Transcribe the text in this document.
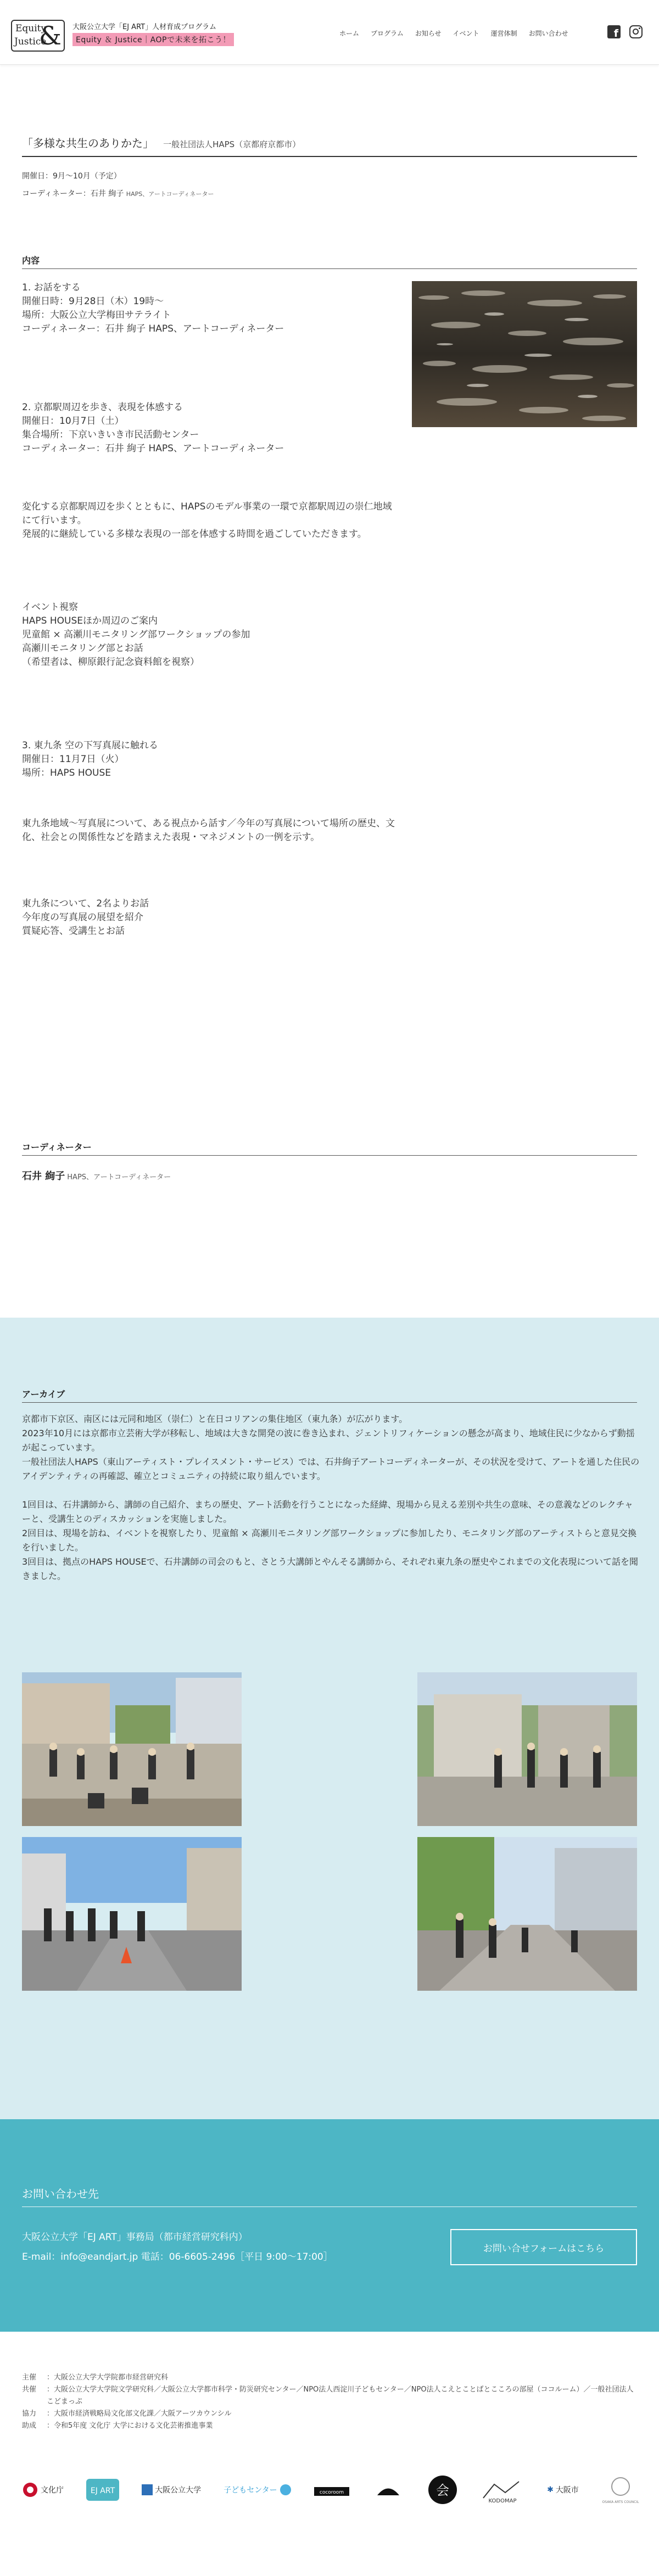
Equity
Justice
& 大阪公立大学「EJ ART」人材育成プログラム
Equity ＆ Justice｜AOPで未来を拓こう！
ホーム プログラム お知らせ イベント 運営体制 お問い合わせ	f
「多様な共生のありかた」 一般社団法人HAPS（京都府京都市）
開催日：9月〜10月（予定）
コーディネーター：石井 絢子 HAPS、アートコーディネーター
内容

1. お話をする
開催日時：9月28日（木）19時〜
場所：大阪公立大学梅田サテライト
コーディネーター：石井 絢子 HAPS、アートコーディネーター

2. 京都駅周辺を歩き、表現を体感する
開催日：10月7日（土）
集合場所：下京いきいき市民活動センター
コーディネーター：石井 絢子 HAPS、アートコーディネーター

変化する京都駅周辺を歩くとともに、HAPSのモデル事業の一環で京都駅周辺の崇仁地域にて行います。
発展的に継続している多様な表現の一部を体感する時間を過ごしていただきます。

イベント視察
HAPS HOUSEほか周辺のご案内
児童館 × 高瀬川モニタリング部ワークショップの参加
高瀬川モニタリング部とお話
（希望者は、柳原銀行記念資料館を視察）

3. 東九条 空の下写真展に触れる
開催日：11月7日（火）
場所：HAPS HOUSE

東九条地域〜写真展について、ある視点から話す／今年の写真展について場所の歴史、文化、社会との関係性などを踏まえた表現・マネジメントの一例を示す。

東九条について、2名よりお話
今年度の写真展の展望を紹介
質疑応答、受講生とお話

コーディネーター
石井 絢子 HAPS、アートコーディネーター
アーカイブ

京都市下京区、南区には元同和地区（崇仁）と在日コリアンの集住地区（東九条）が広がります。

2023年10月には京都市立芸術大学が移転し、地域は大きな開発の波に巻き込まれ、ジェントリフィケーションの懸念が高まり、地域住民に少なからず動揺が起こっています。

一般社団法人HAPS（東山アーティスト・プレイスメント・サービス）では、石井絢子アートコーディネーターが、その状況を受けて、アートを通した住民のアイデンティティの再確認、確立とコミュニティの持続に取り組んでいます。

1回目は、石井講師から、講師の自己紹介、まちの歴史、アート活動を行うことになった経緯、現場から見える差別や共生の意味、その意義などのレクチャーと、受講生とのディスカッションを実施しました。

2回目は、現場を訪ね、イベントを視察したり、児童館 × 高瀬川モニタリング部ワークショップに参加したり、モニタリング部のアーティストらと意見交換を行いました。

3回目は、拠点のHAPS HOUSEで、石井講師の司会のもと、さとう大講師とやんそる講師から、それぞれ東九条の歴史やこれまでの文化表現について話を聞きました。

お問い合わせ先
大阪公立大学「EJ ART」事務局（都市経営研究科内）
E-mail：info@eandjart.jp 電話：06-6605-2496［平日 9:00〜17:00］
お問い合せフォームはこちら
主催	：大阪公立大学大学院都市経営研究科
共催	：大阪公立大学大学院文学研究科／大阪公立大学都市科学・防災研究センター／NPO法人西淀川子どもセンター／NPO法人こえとことばとこころの部屋（ココルーム）／一般社団法人こどまっぷ
協力	：大阪市経済戦略局文化部文化課／大阪アーツカウンシル
助成	：令和5年度 文化庁 大学における文化芸術推進事業
文化庁	EJ ART	大阪公立大学	子どもセンター	cocoroom	会
KODOMAP
✱ 大阪市
OSAKA ARTS COUNCIL
